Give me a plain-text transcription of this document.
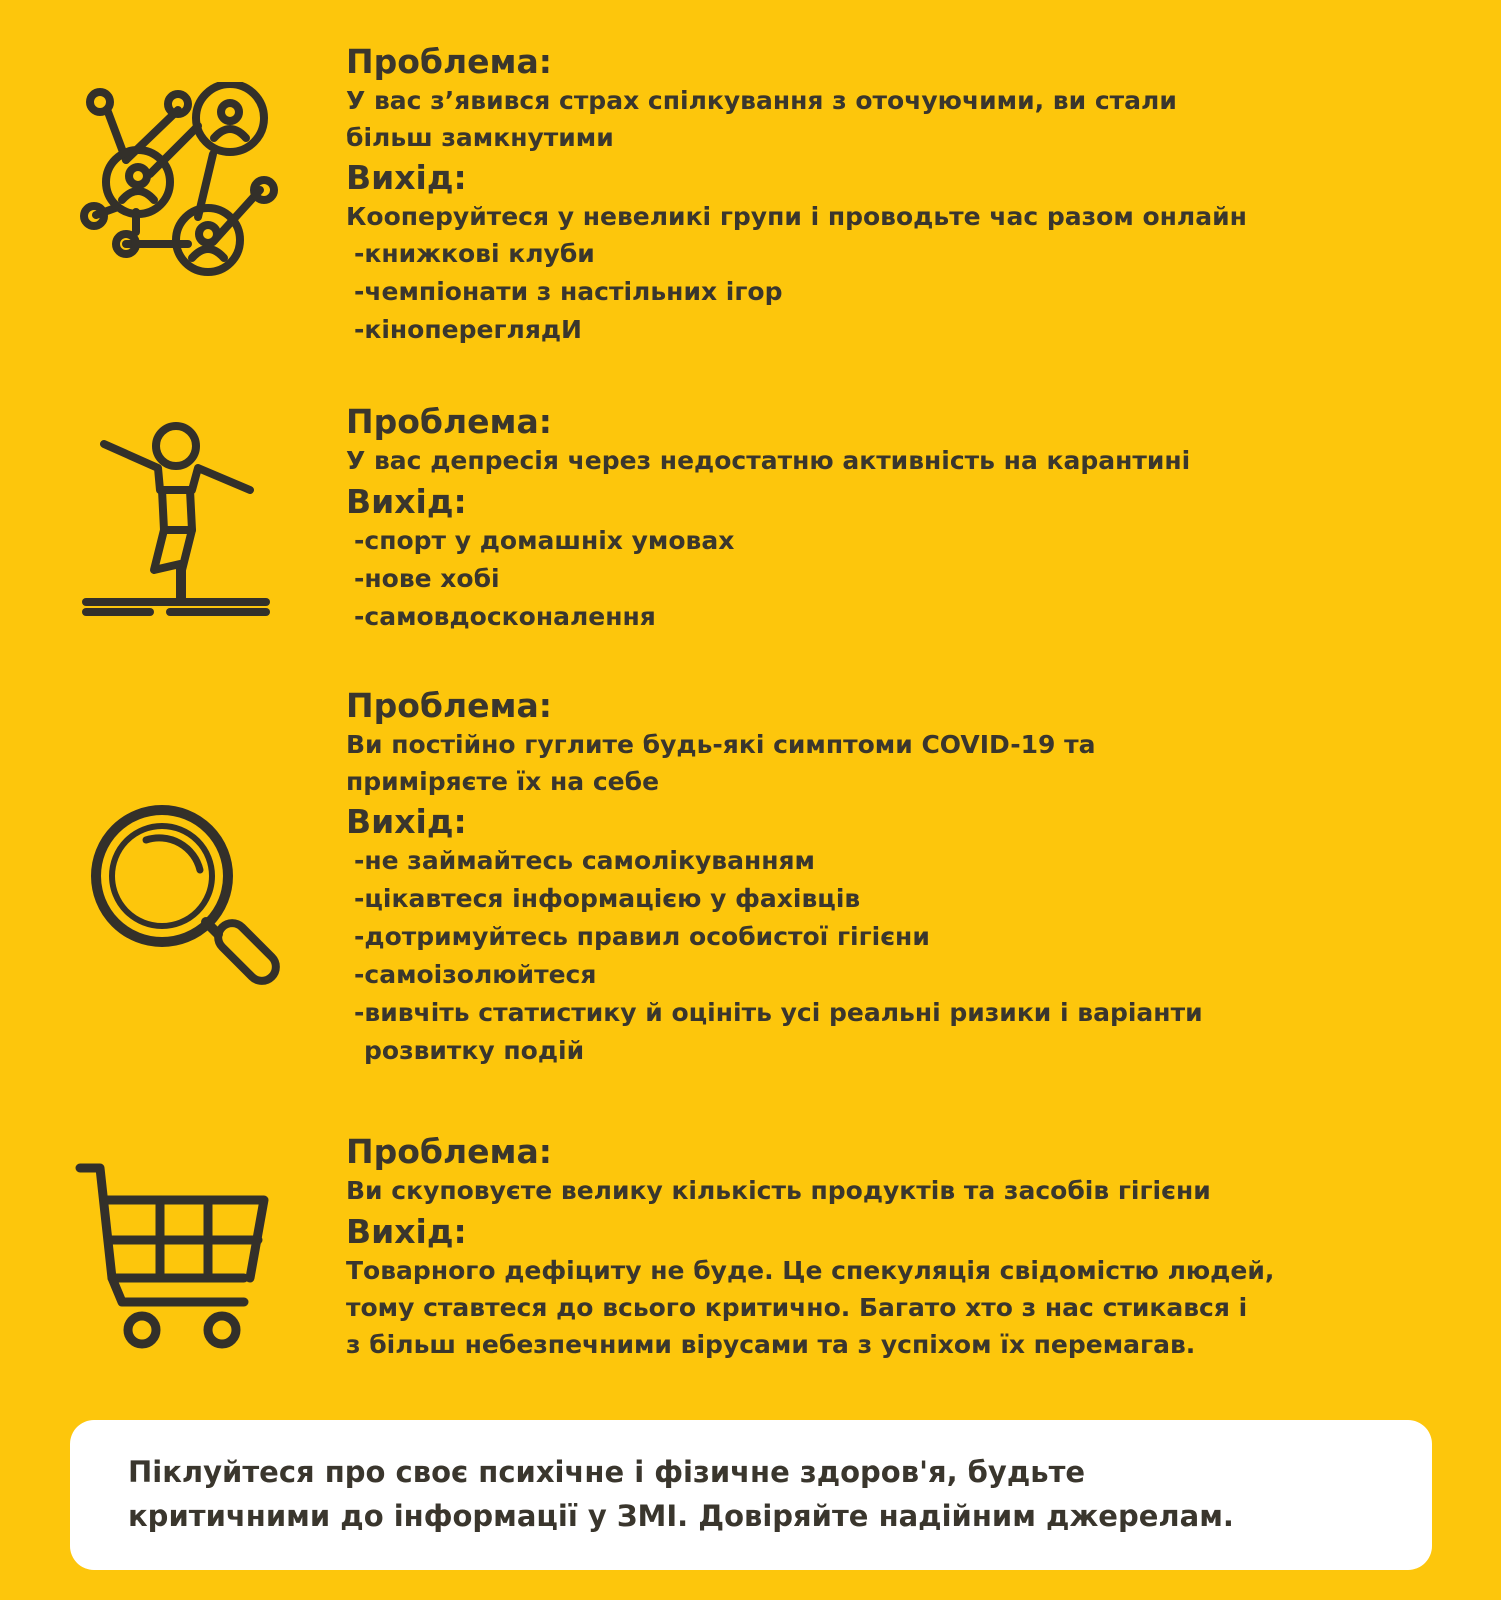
Проблема:

У вас з’явився страх спілкування з оточуючими, ви стали

більш замкнутими

Вихід:

Кооперуйтеся у невеликі групи і проводьте час разом онлайн

-книжкові клуби

-чемпіонати з настільних ігор

-кінопереглядИ

Проблема:

У вас депресія через недостатню активність на карантині

Вихід:

-спорт у домашніх умовах

-нове хобі

-самовдосконалення

Проблема:

Ви постійно гуглите будь-які симптоми COVID-19 та

приміряєте їх на себе

Вихід:

-не займайтесь самолікуванням

-цікавтеся інформацією у фахівців

-дотримуйтесь правил особистої гігієни

-самоізолюйтеся

-вивчіть статистику й оцініть усі реальні ризики і варіанти

розвитку подій

Проблема:

Ви скуповуєте велику кількість продуктів та засобів гігієни

Вихід:

Товарного дефіциту не буде. Це спекуляція свідомістю людей,

тому ставтеся до всього критично. Багато хто з нас стикався і

з більш небезпечними вірусами та з успіхом їх перемагав.

Піклуйтеся про своє психічне і фізичне здоров'я, будьте
критичними до інформації у ЗМІ. Довіряйте надійним джерелам.
